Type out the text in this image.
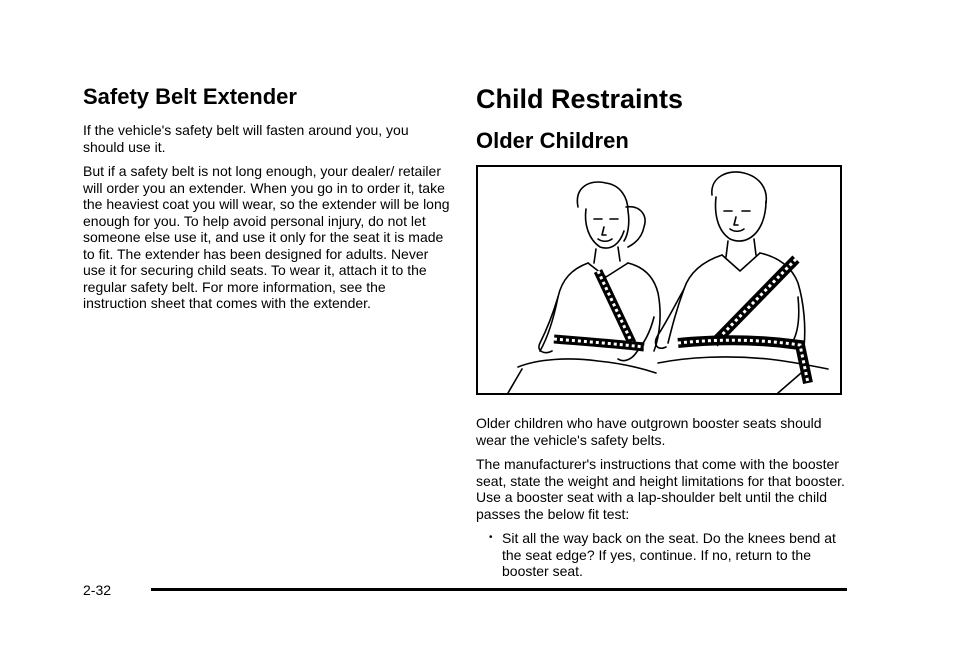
Safety Belt Extender

If the vehicle's safety belt will fasten around you, you should use it.

But if a safety belt is not long enough, your dealer/ retailer will order you an extender. When you go in to order it, take the heaviest coat you will wear, so the extender will be long enough for you. To help avoid personal injury, do not let someone else use it, and use it only for the seat it is made to fit. The extender has been designed for adults. Never use it for securing child seats. To wear it, attach it to the regular safety belt. For more information, see the instruction sheet that comes with the extender.

Child Restraints
Older Children

Older children who have outgrown booster seats should wear the vehicle's safety belts.

The manufacturer's instructions that come with the booster seat, state the weight and height limitations for that booster. Use a booster seat with a lap-shoulder belt until the child passes the below fit test:

• Sit all the way back on the seat. Do the knees bend at the seat edge? If yes, continue. If no, return to the booster seat.
2-32
